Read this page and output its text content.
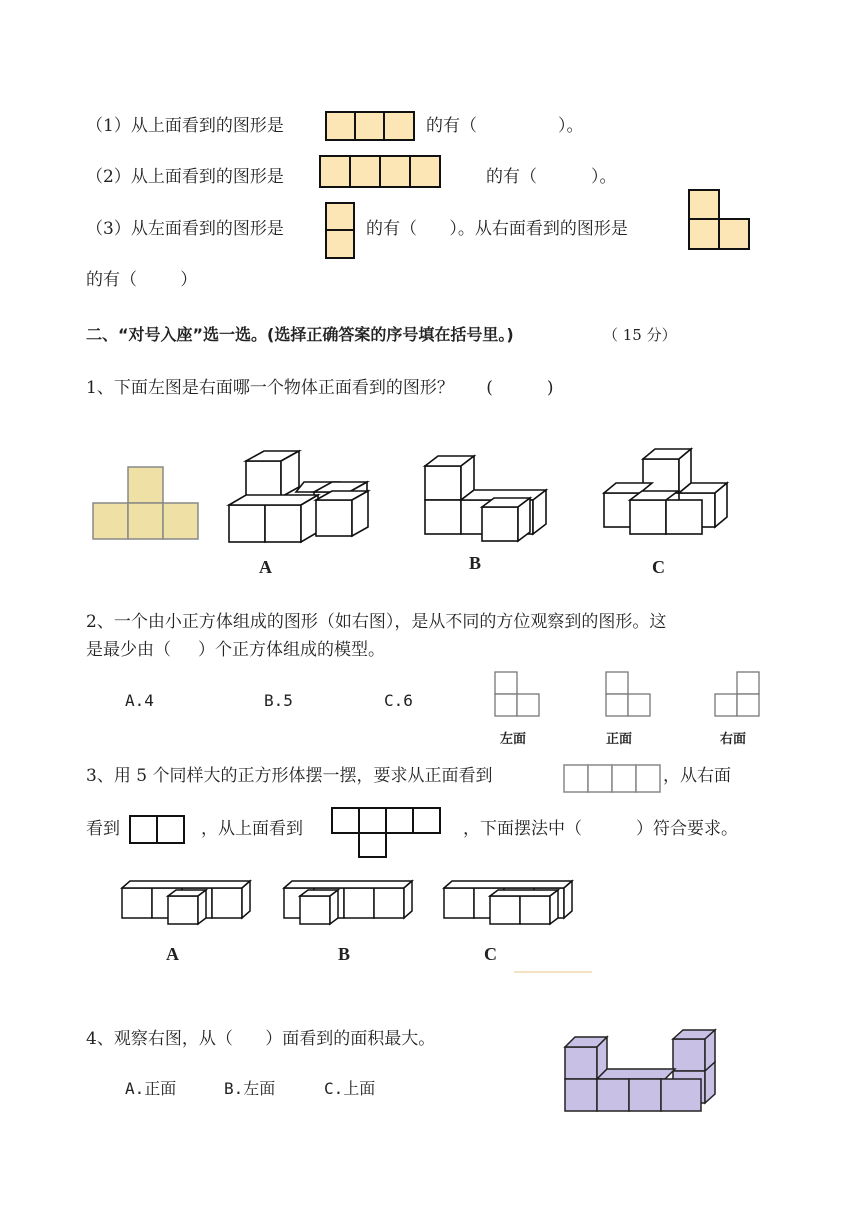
（1）从上面看到的图形是	的有（               ）。
（2）从上面看到的图形是	的有（          ）。
（3）从左面看到的图形是	的有（      ）。从右面看到的图形是
的有（        ）
二、“对号入座”选一选。(选择正确答案的序号填在括号里。)	（ 15 分）
1、下面左图是右面哪一个物体正面看到的图形？      (          )
A	B	C
2、一个由小正方体组成的图形（如右图），是从不同的方位观察到的图形。这
是最少由（     ）个正方体组成的模型。
A.4	B.5	C.6
左面	正面	右面
3、用 5 个同样大的正方形体摆一摆，要求从正面看到	，从右面
看到	，从上面看到	，下面摆法中（          ）符合要求。
A	B	C
4、观察右图，从（      ）面看到的面积最大。
A.正面	B.左面	C.上面
